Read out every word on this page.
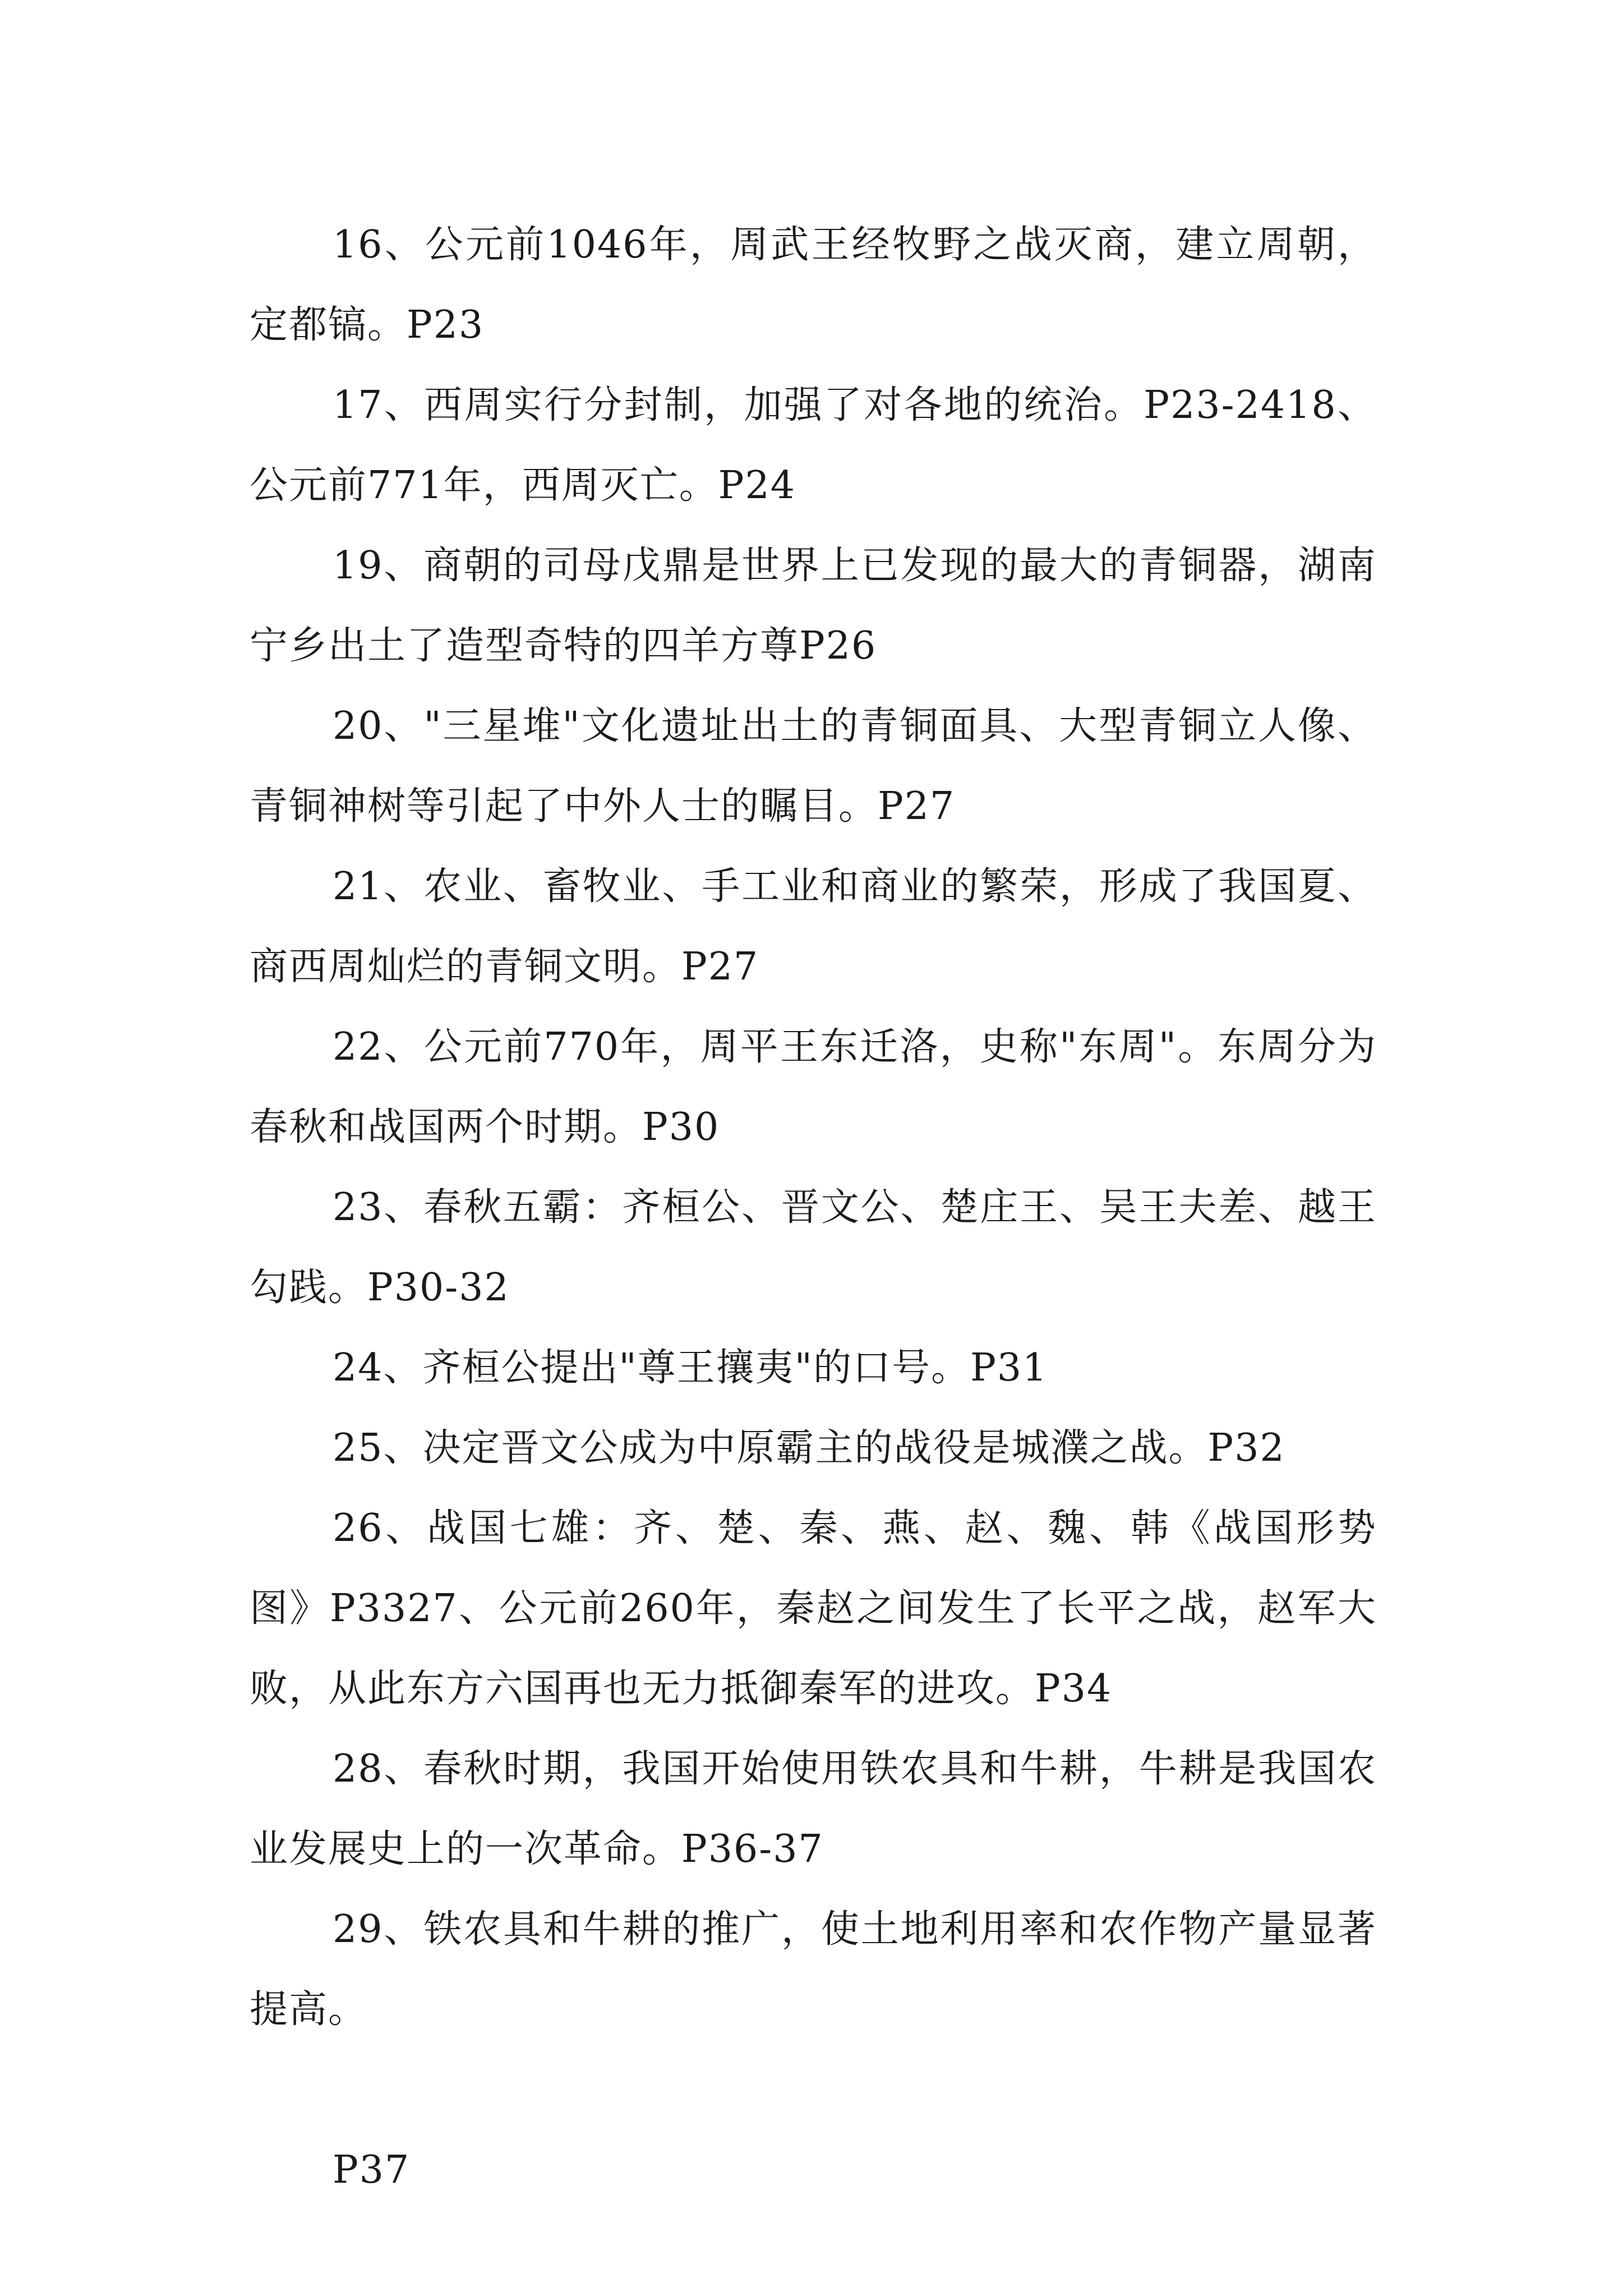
16、公元前1046年，周武王经牧野之战灭商，建立周朝，定都镐。P23

17、西周实行分封制，加强了对各地的统治。P23-2418、公元前771年，西周灭亡。P24

19、商朝的司母戊鼎是世界上已发现的最大的青铜器，湖南宁乡出土了造型奇特的四羊方尊P26

20、"三星堆"文化遗址出土的青铜面具、大型青铜立人像、青铜神树等引起了中外人士的瞩目。P27

21、农业、畜牧业、手工业和商业的繁荣，形成了我国夏、商西周灿烂的青铜文明。P27

22、公元前770年，周平王东迁洛，史称"东周"。东周分为春秋和战国两个时期。P30

23、春秋五霸：齐桓公、晋文公、楚庄王、吴王夫差、越王勾践。P30-32

24、齐桓公提出"尊王攘夷"的口号。P31

25、决定晋文公成为中原霸主的战役是城濮之战。P32

26、战国七雄：齐、楚、秦、燕、赵、魏、韩《战国形势图》P3327、公元前260年，秦赵之间发生了长平之战，赵军大败，从此东方六国再也无力抵御秦军的进攻。P34

28、春秋时期，我国开始使用铁农具和牛耕，牛耕是我国农业发展史上的一次革命。P36-37

29、铁农具和牛耕的推广，使土地利用率和农作物产量显著提高。

P37
